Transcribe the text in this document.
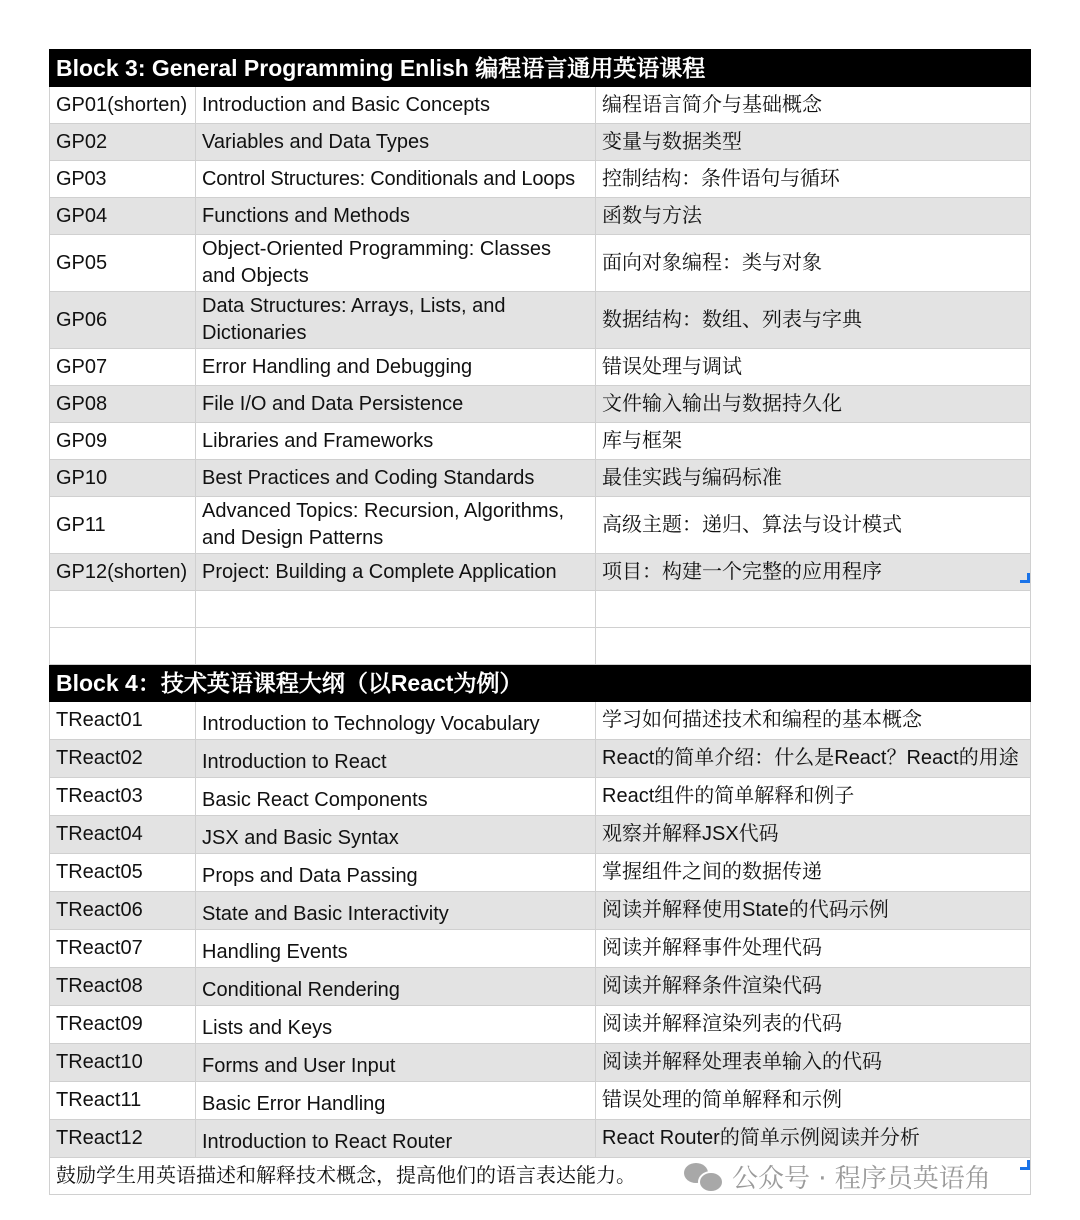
Block 3: General Programming Enlish 编程语言通用英语课程		
GP01(shorten)	Introduction and Basic Concepts	编程语言简介与基础概念
GP02	Variables and Data Types	变量与数据类型
GP03	Control Structures: Conditionals and Loops	控制结构：条件语句与循环
GP04	Functions and Methods	函数与方法
GP05	Object-Oriented Programming: Classes and Objects	面向对象编程：类与对象
GP06	Data Structures: Arrays, Lists, and Dictionaries	数据结构：数组、列表与字典
GP07	Error Handling and Debugging	错误处理与调试
GP08	File I/O and Data Persistence	文件输入输出与数据持久化
GP09	Libraries and Frameworks	库与框架
GP10	Best Practices and Coding Standards	最佳实践与编码标准
GP11	Advanced Topics: Recursion, Algorithms, and Design Patterns	高级主题：递归、算法与设计模式
GP12(shorten)	Project: Building a Complete Application	项目：构建一个完整的应用程序

Block 4：技术英语课程大纲（以React为例）		
TReact01	Introduction to Technology Vocabulary	学习如何描述技术和编程的基本概念
TReact02	Introduction to React	React的简单介绍：什么是React？React的用途
TReact03	Basic React Components	React组件的简单解释和例子
TReact04	JSX and Basic Syntax	观察并解释JSX代码
TReact05	Props and Data Passing	掌握组件之间的数据传递
TReact06	State and Basic Interactivity	阅读并解释使用State的代码示例
TReact07	Handling Events	阅读并解释事件处理代码
TReact08	Conditional Rendering	阅读并解释条件渲染代码
TReact09	Lists and Keys	阅读并解释渲染列表的代码
TReact10	Forms and User Input	阅读并解释处理表单输入的代码
TReact11	Basic Error Handling	错误处理的简单解释和示例
TReact12	Introduction to React Router	React Router的简单示例阅读并分析
鼓励学生用英语描述和解释技术概念，提高他们的语言表达能力。			公众号 · 程序员英语角
